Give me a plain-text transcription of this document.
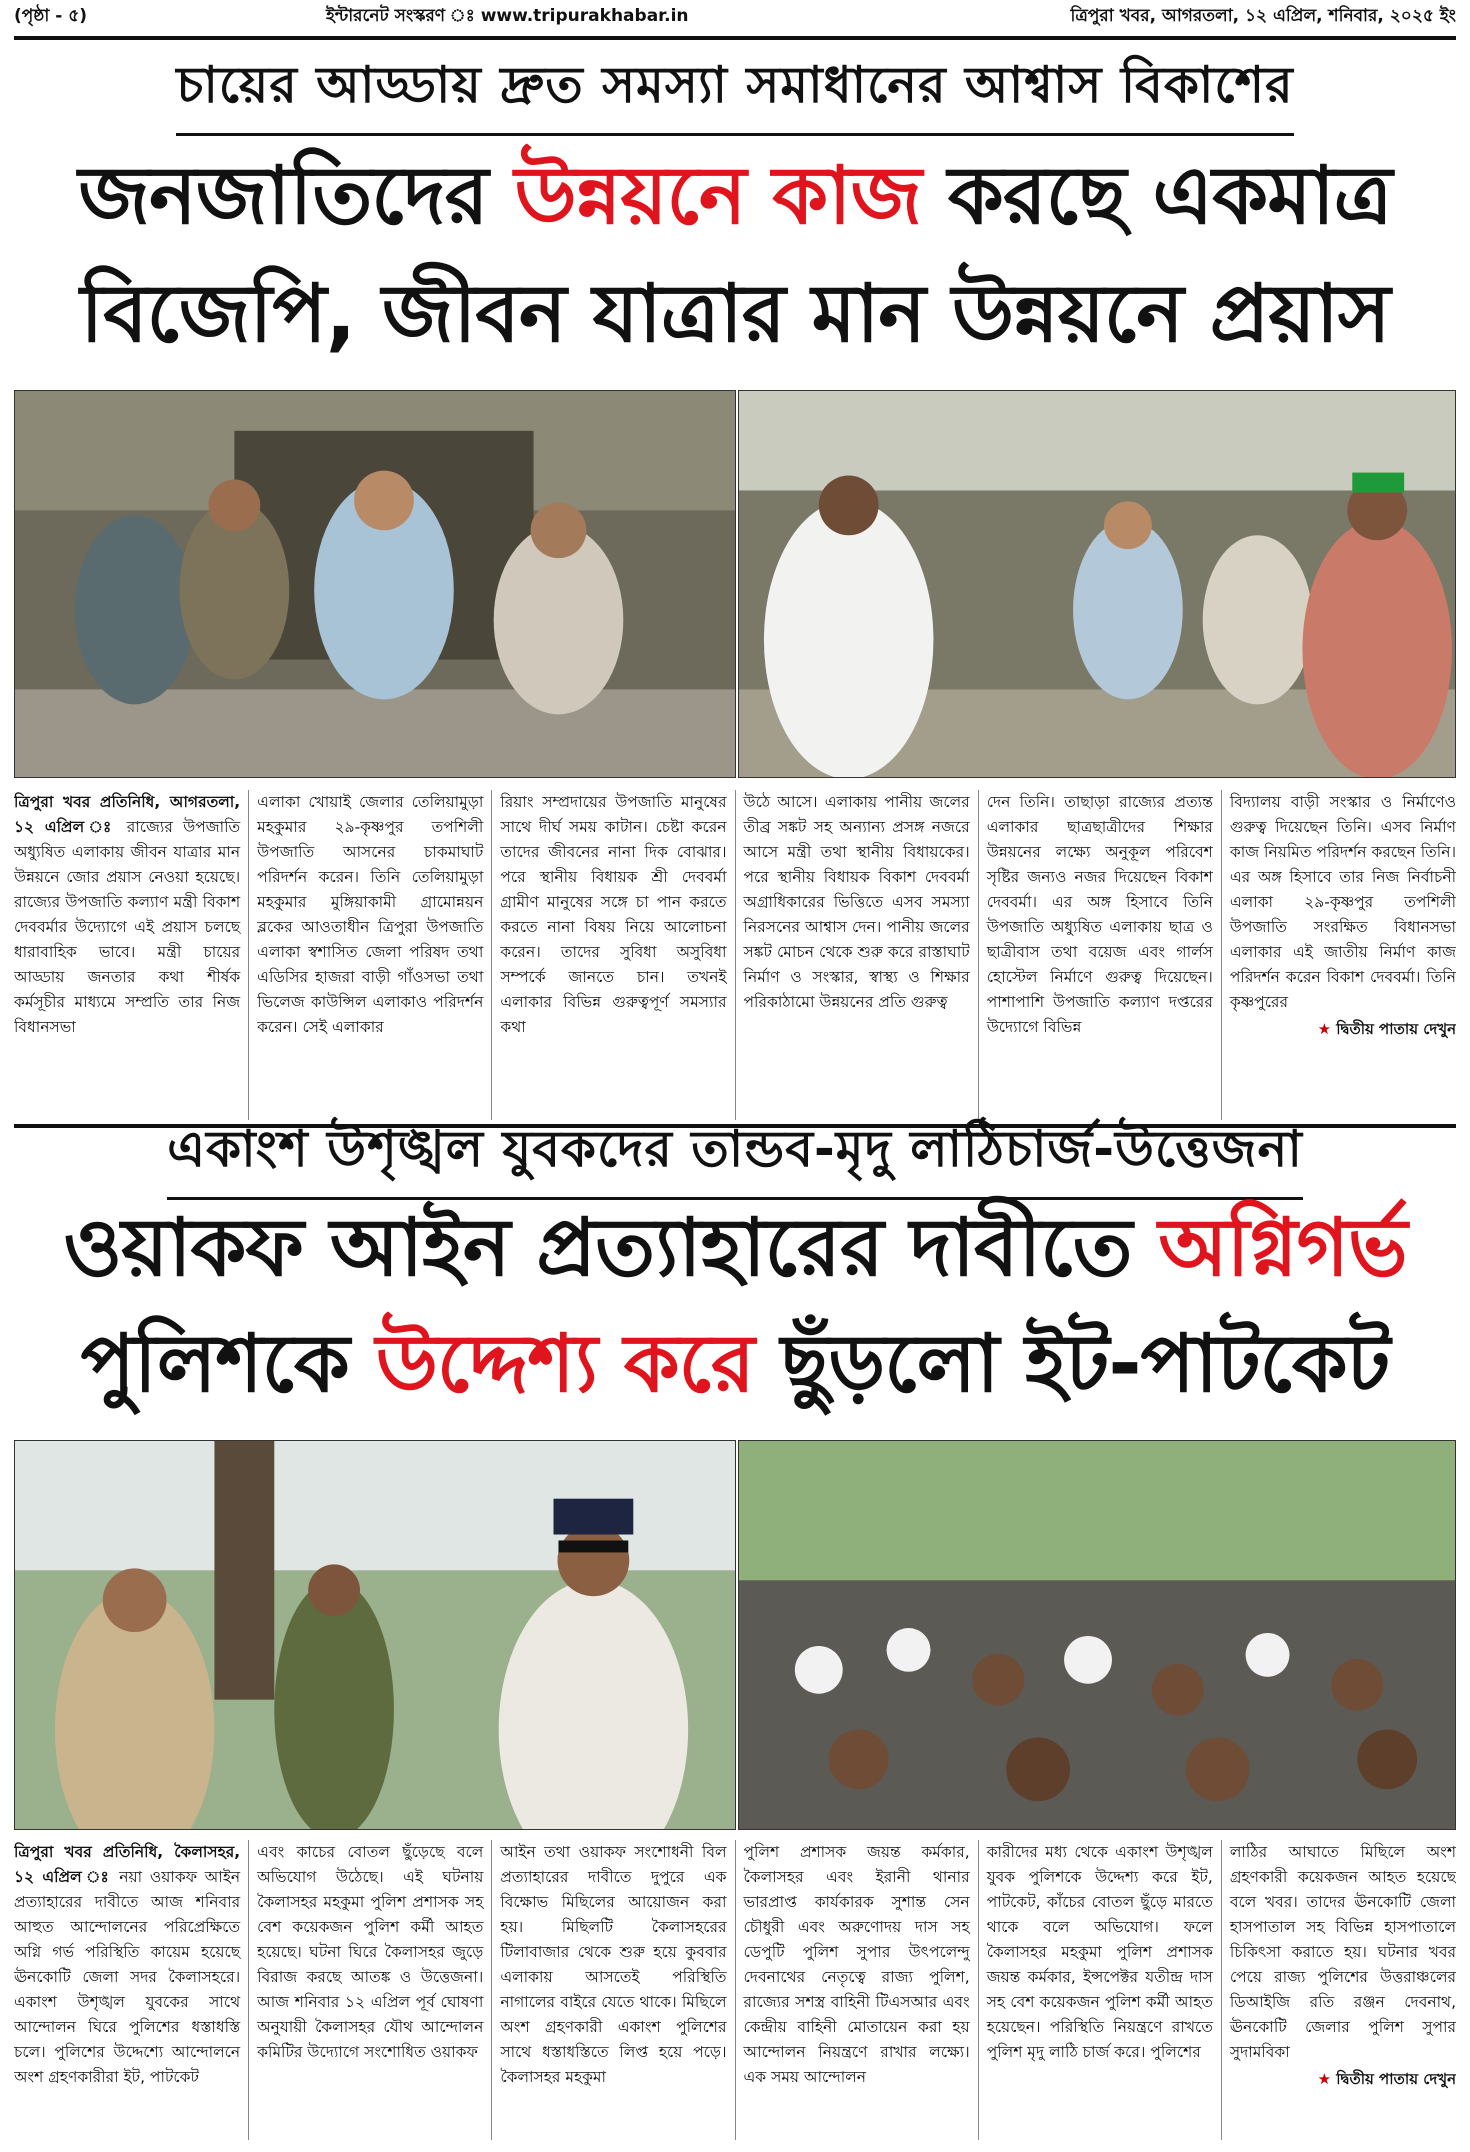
(পৃষ্ঠা - ৫)	ইন্টারনেট সংস্করণ ঃ www.tripurakhabar.in	ত্রিপুরা খবর, আগরতলা, ১২ এপ্রিল, শনিবার, ২০২৫ ইং
চায়ের আড্ডায় দ্রুত সমস্যা সমাধানের আশ্বাস বিকাশের
জনজাতিদের উন্নয়নে কাজ করছে একমাত্র
বিজেপি, জীবন যাত্রার মান উন্নয়নে প্রয়াস
ত্রিপুরা খবর প্রতিনিধি, আগরতলা, ১২ এপ্রিল ঃ রাজ্যের উপজাতি অধ্যুষিত এলাকায় জীবন যাত্রার মান উন্নয়নে জোর প্রয়াস নেওয়া হয়েছে। রাজ্যের উপজাতি কল্যাণ মন্ত্রী বিকাশ দেববর্মার উদ্যোগে এই প্রয়াস চলছে ধারাবাহিক ভাবে। মন্ত্রী চায়ের আড্ডায় জনতার কথা শীর্ষক কর্মসূচীর মাধ্যমে সম্প্রতি তার নিজ বিধানসভা
এলাকা খোয়াই জেলার তেলিয়ামুড়া মহকুমার ২৯-কৃষ্ণপুর তপশিলী উপজাতি আসনের চাকমাঘাট পরিদর্শন করেন। তিনি তেলিয়ামুড়া মহকুমার মুঙ্গিয়াকামী গ্রামোন্নয়ন ব্লকের আওতাধীন ত্রিপুরা উপজাতি এলাকা স্বশাসিত জেলা পরিষদ তথা এডিসির হাজরা বাড়ী গাঁওসভা তথা ভিলেজ কাউন্সিল এলাকাও পরিদর্শন করেন। সেই এলাকার
রিয়াং সম্প্রদায়ের উপজাতি মানুষের সাথে দীর্ঘ সময় কাটান। চেষ্টা করেন তাদের জীবনের নানা দিক বোঝার। পরে স্থানীয় বিধায়ক শ্রী দেববর্মা গ্রামীণ মানুষের সঙ্গে চা পান করতে করতে নানা বিষয় নিয়ে আলোচনা করেন। তাদের সুবিধা অসুবিধা সম্পর্কে জানতে চান। তখনই এলাকার বিভিন্ন গুরুত্বপূর্ণ সমস্যার কথা
উঠে আসে। এলাকায় পানীয় জলের তীব্র সঙ্কট সহ অন্যান্য প্রসঙ্গ নজরে আসে মন্ত্রী তথা স্থানীয় বিধায়কের। পরে স্থানীয় বিধায়ক বিকাশ দেববর্মা অগ্রাধিকারের ভিত্তিতে এসব সমস্যা নিরসনের আশ্বাস দেন। পানীয় জলের সঙ্কট মোচন থেকে শুরু করে রাস্তাঘাট নির্মাণ ও সংস্কার, স্বাস্থ্য ও শিক্ষার পরিকাঠামো উন্নয়নের প্রতি গুরুত্ব
দেন তিনি। তাছাড়া রাজ্যের প্রত্যন্ত এলাকার ছাত্রছাত্রীদের শিক্ষার উন্নয়নের লক্ষ্যে অনুকূল পরিবেশ সৃষ্টির জন্যও নজর দিয়েছেন বিকাশ দেববর্মা। এর অঙ্গ হিসাবে তিনি উপজাতি অধ্যুষিত এলাকায় ছাত্র ও ছাত্রীবাস তথা বয়েজ এবং গার্লস হোস্টেল নির্মাণে গুরুত্ব দিয়েছেন। পাশাপাশি উপজাতি কল্যাণ দপ্তরের উদ্যোগে বিভিন্ন
বিদ্যালয় বাড়ী সংস্কার ও নির্মাণেও গুরুত্ব দিয়েছেন তিনি। এসব নির্মাণ কাজ নিয়মিত পরিদর্শন করছেন তিনি। এর অঙ্গ হিসাবে তার নিজ নির্বাচনী এলাকা ২৯-কৃষ্ণপুর তপশিলী উপজাতি সংরক্ষিত বিধানসভা এলাকার এই জাতীয় নির্মাণ কাজ পরিদর্শন করেন বিকাশ দেববর্মা। তিনি কৃষ্ণপুরের
★ দ্বিতীয় পাতায় দেখুন
একাংশ উশৃঙ্খল যুবকদের তান্ডব-মৃদু লাঠিচার্জ-উত্তেজনা
ওয়াকফ আইন প্রত্যাহারের দাবীতে অগ্নিগর্ভ
পুলিশকে উদ্দেশ্য করে ছুঁড়লো ইট-পাটকেট
ত্রিপুরা খবর প্রতিনিধি, কৈলাসহর, ১২ এপ্রিল ঃ নয়া ওয়াকফ আইন প্রত্যাহারের দাবীতে আজ শনিবার আহুত আন্দোলনের পরিপ্রেক্ষিতে অগ্নি গর্ভ পরিস্থিতি কায়েম হয়েছে ঊনকোটি জেলা সদর কৈলাসহরে। একাংশ উশৃঙ্খল যুবকের সাথে আন্দোলন ঘিরে পুলিশের ধস্তাধস্তি চলে। পুলিশের উদ্দেশ্যে আন্দোলনে অংশ গ্রহণকারীরা ইট, পাটকেট
এবং কাচের বোতল ছুঁড়েছে বলে অভিযোগ উঠেছে। এই ঘটনায় কৈলাসহর মহকুমা পুলিশ প্রশাসক সহ বেশ কয়েকজন পুলিশ কর্মী আহত হয়েছে। ঘটনা ঘিরে কৈলাসহর জুড়ে বিরাজ করছে আতঙ্ক ও উত্তেজনা। আজ শনিবার ১২ এপ্রিল পূর্ব ঘোষণা অনুযায়ী কৈলাসহর যৌথ আন্দোলন কমিটির উদ্যোগে সংশোধিত ওয়াকফ
আইন তথা ওয়াকফ সংশোধনী বিল প্রত্যাহারের দাবীতে দুপুরে এক বিক্ষোভ মিছিলের আয়োজন করা হয়। মিছিলটি কৈলাসহরের টিলাবাজার থেকে শুরু হয়ে কুববার এলাকায় আসতেই পরিস্থিতি নাগালের বাইরে যেতে থাকে। মিছিলে অংশ গ্রহণকারী একাংশ পুলিশের সাথে ধস্তাধস্তিতে লিপ্ত হয়ে পড়ে। কৈলাসহর মহকুমা
পুলিশ প্রশাসক জয়ন্ত কর্মকার, কৈলাসহর এবং ইরানী থানার ভারপ্রাপ্ত কার্যকারক সুশান্ত সেন চৌধুরী এবং অরুণোদয় দাস সহ ডেপুটি পুলিশ সুপার উৎপলেন্দু দেবনাথের নেতৃত্বে রাজ্য পুলিশ, রাজ্যের সশস্ত্র বাহিনী টিএসআর এবং কেন্দ্রীয় বাহিনী মোতায়েন করা হয় আন্দোলন নিয়ন্ত্রণে রাখার লক্ষ্যে। এক সময় আন্দোলন
কারীদের মধ্য থেকে একাংশ উশৃঙ্খল যুবক পুলিশকে উদ্দেশ্য করে ইট, পাটকেট, কাঁচের বোতল ছুঁড়ে মারতে থাকে বলে অভিযোগ। ফলে কৈলাসহর মহকুমা পুলিশ প্রশাসক জয়ন্ত কর্মকার, ইন্সপেক্টর যতীন্দ্র দাস সহ বেশ কয়েকজন পুলিশ কর্মী আহত হয়েছেন। পরিস্থিতি নিয়ন্ত্রণে রাখতে পুলিশ মৃদু লাঠি চার্জ করে। পুলিশের
লাঠির আঘাতে মিছিলে অংশ গ্রহণকারী কয়েকজন আহত হয়েছে বলে খবর। তাদের ঊনকোটি জেলা হাসপাতাল সহ বিভিন্ন হাসপাতালে চিকিৎসা করাতে হয়। ঘটনার খবর পেয়ে রাজ্য পুলিশের উত্তরাঞ্চলের ডিআইজি রতি রঞ্জন দেবনাথ, ঊনকোটি জেলার পুলিশ সুপার সুদামবিকা
★ দ্বিতীয় পাতায় দেখুন
